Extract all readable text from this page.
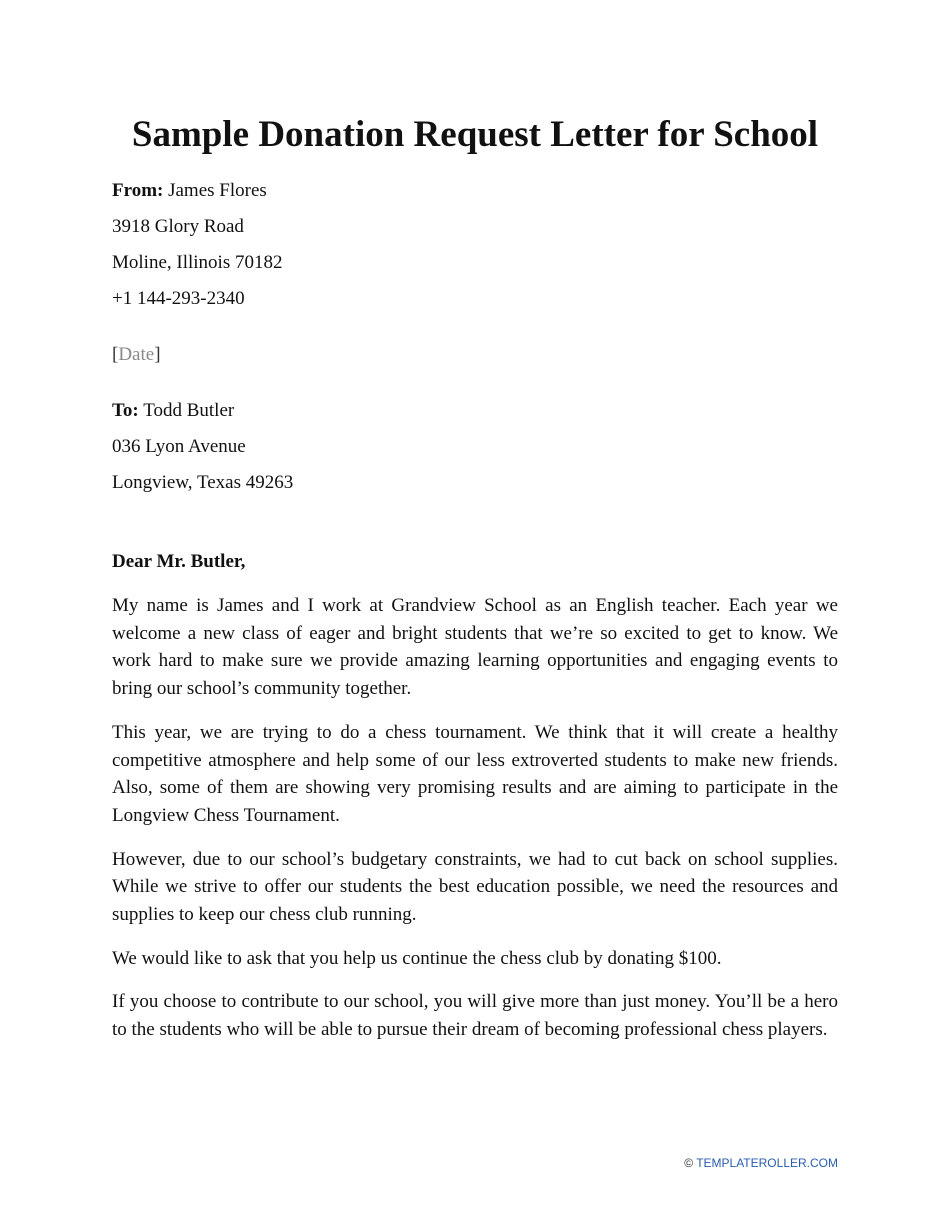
Sample Donation Request Letter for School
From: James Flores
3918 Glory Road
Moline, Illinois 70182
+1 144-293-2340
[Date]
To: Todd Butler
036 Lyon Avenue
Longview, Texas 49263
Dear Mr. Butler,

My name is James and I work at Grandview School as an English teacher. Each year we welcome a new class of eager and bright students that we’re so excited to get to know. We work hard to make sure we provide amazing learning opportunities and engaging events to bring our school’s community together.

This year, we are trying to do a chess tournament. We think that it will create a healthy competitive atmosphere and help some of our less extroverted students to make new friends. Also, some of them are showing very promising results and are aiming to participate in the Longview Chess Tournament.

However, due to our school’s budgetary constraints, we had to cut back on school supplies. While we strive to offer our students the best education possible, we need the resources and supplies to keep our chess club running.

We would like to ask that you help us continue the chess club by donating $100.

If you choose to contribute to our school, you will give more than just money. You’ll be a hero to the students who will be able to pursue their dream of becoming professional chess players.

© TEMPLATEROLLER.COM
